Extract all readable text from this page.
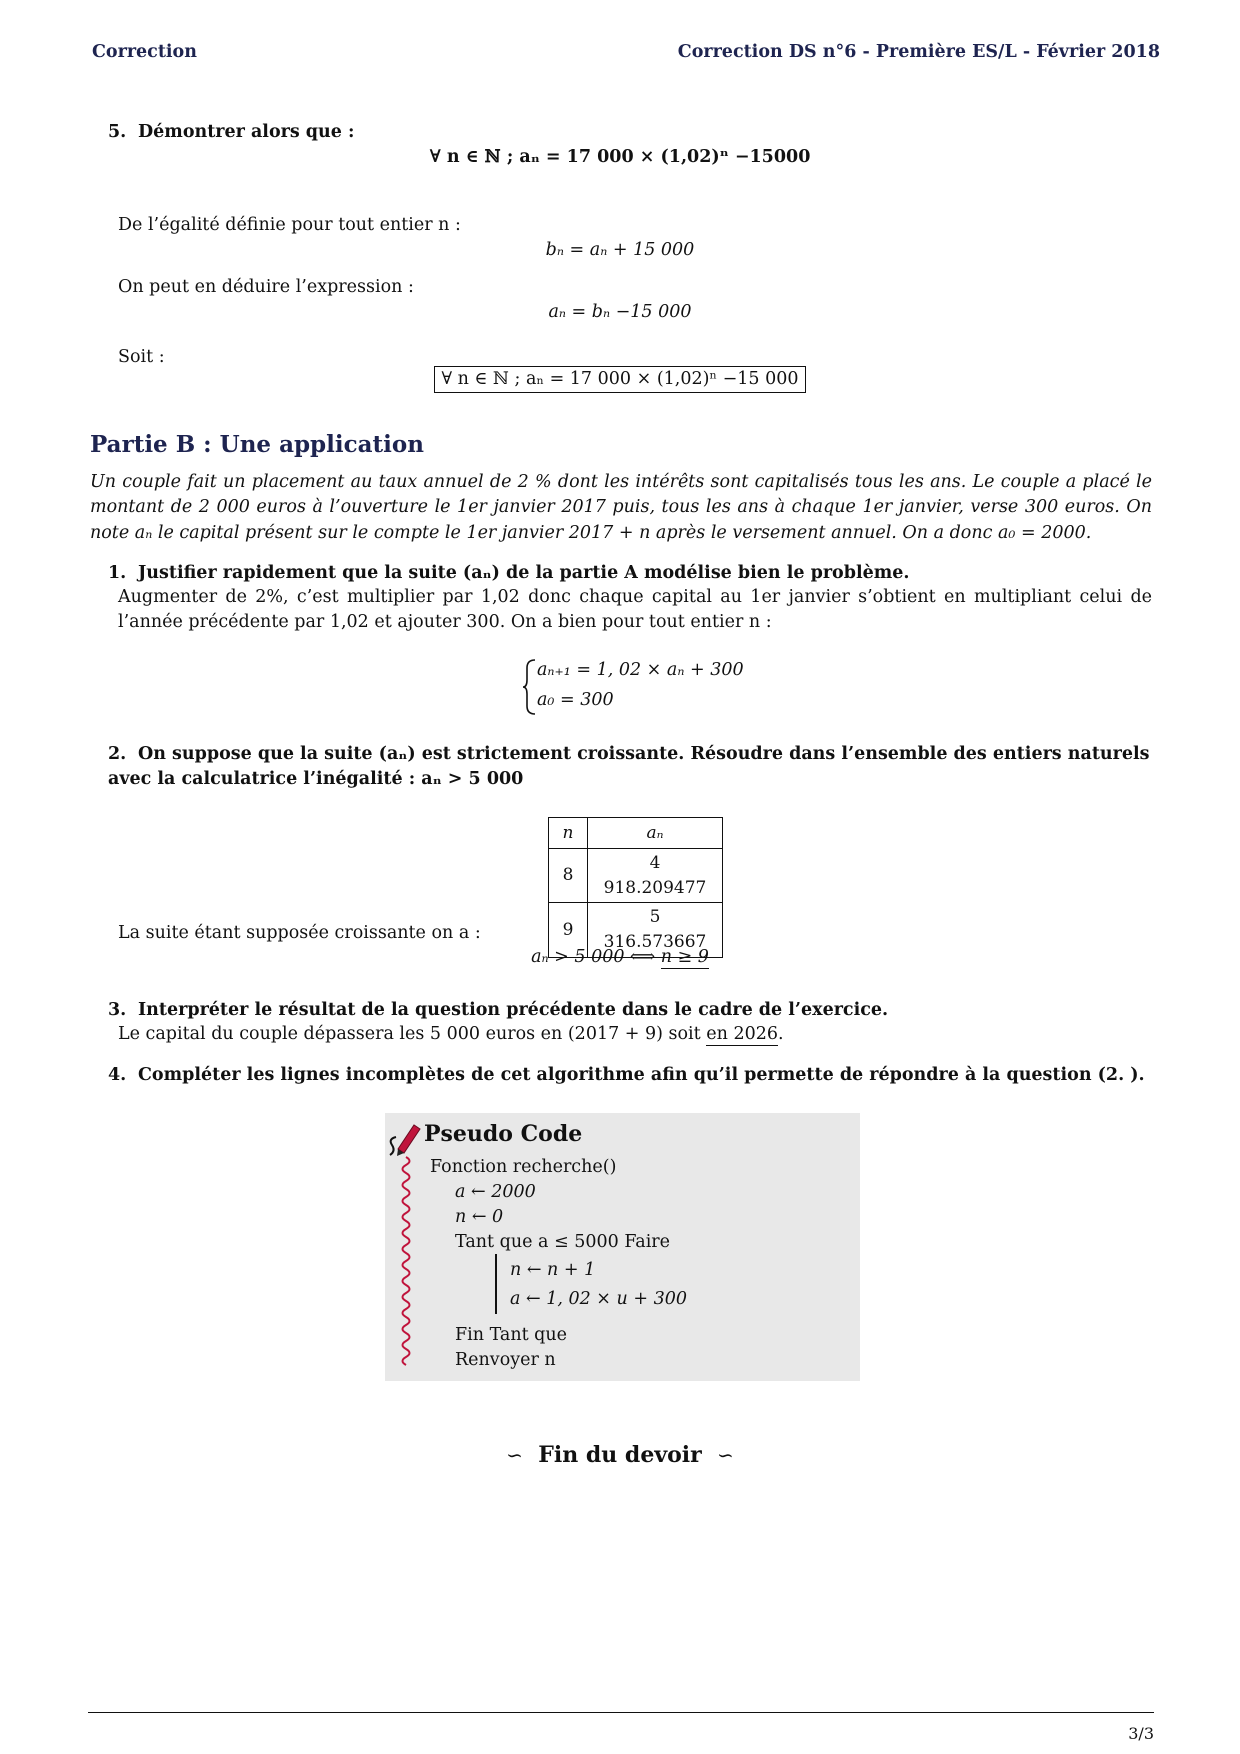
Correction	Correction DS n°6 - Première ES/L - Février 2018
5. Démontrer alors que :
∀ n ∈ ℕ ; aₙ = 17 000 × (1,02)ⁿ −15000
De l’égalité définie pour tout entier n :
bₙ = aₙ + 15 000
On peut en déduire l’expression :
aₙ = bₙ −15 000
Soit :
∀ n ∈ ℕ ; aₙ = 17 000 × (1,02)ⁿ −15 000
Partie B : Une application
Un couple fait un placement au taux annuel de 2 % dont les intérêts sont capitalisés tous les ans. Le couple a placé le montant de 2 000 euros à l’ouverture le 1er janvier 2017 puis, tous les ans à chaque 1er janvier, verse 300 euros. On note aₙ le capital présent sur le compte le 1er janvier 2017 + n après le versement annuel. On a donc a₀ = 2000.
1. Justifier rapidement que la suite (aₙ) de la partie A modélise bien le problème.
Augmenter de 2%, c’est multiplier par 1,02 donc chaque capital au 1er janvier s’obtient en multipliant celui de l’année précédente par 1,02 et ajouter 300. On a bien pour tout entier n :
aₙ₊₁ = 1, 02 × aₙ + 300
a₀ = 300
2. On suppose que la suite (aₙ) est strictement croissante. Résoudre dans l’ensemble des entiers naturels avec la calculatrice l’inégalité : aₙ > 5 000
n	aₙ
8	4 918.209477
9	5 316.573667
La suite étant supposée croissante on a :
aₙ > 5 000 ⟺ n ≥ 9
3. Interpréter le résultat de la question précédente dans le cadre de l’exercice.
Le capital du couple dépassera les 5 000 euros en (2017 + 9) soit en 2026.
4. Compléter les lignes incomplètes de cet algorithme afin qu’il permette de répondre à la question (2. ).
Pseudo Code
Fonction recherche()
a ← 2000
n ← 0
Tant que a ≤ 5000 Faire
n ← n + 1
a ← 1, 02 × u + 300
Fin Tant que
Renvoyer n
∽ Fin du devoir ∽
3/3
